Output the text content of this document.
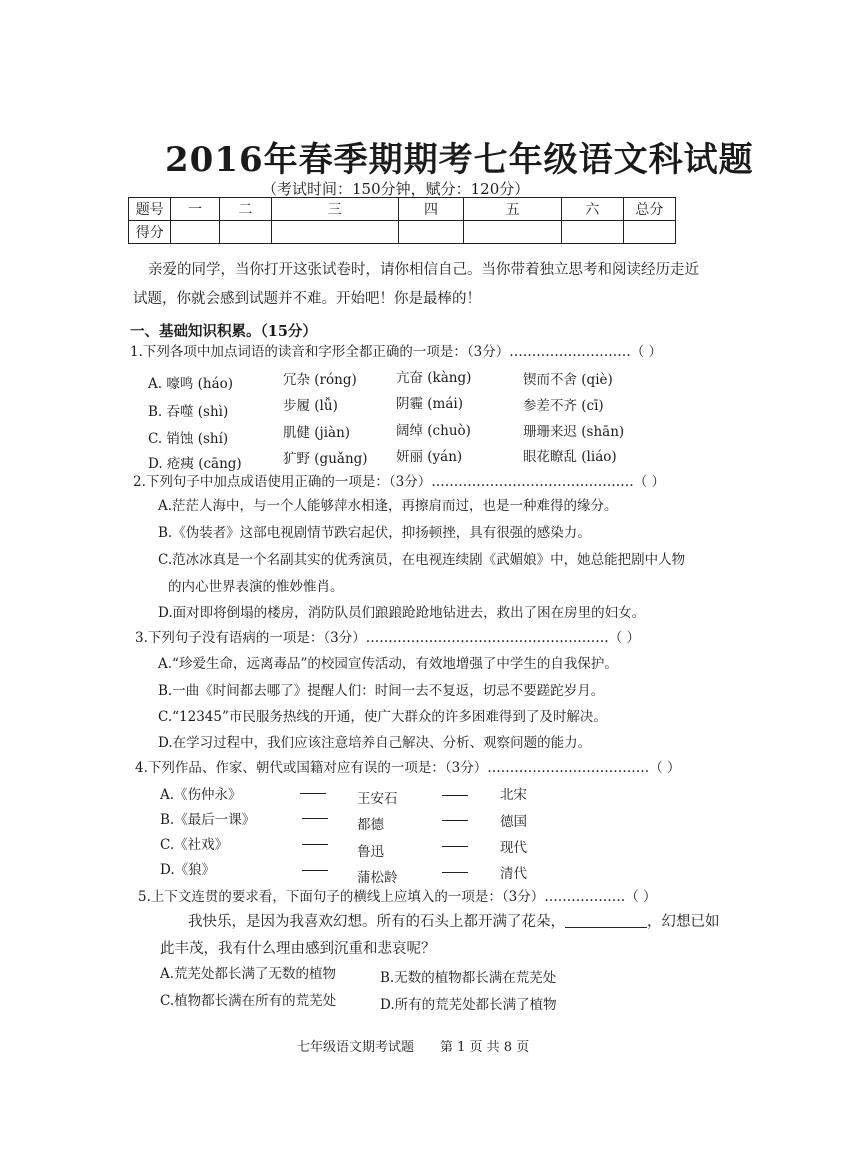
2016年春季期期考七年级语文科试题
（考试时间：150分钟，赋分：120分）
题号	一	二	三	四	五	六	总分
得分							
亲爱的同学，当你打开这张试卷时，请你相信自己。当你带着独立思考和阅读经历走近
试题，你就会感到试题并不难。开始吧！你是最棒的！
一、基础知识积累。（15分）
1.下列各项中加点词语的读音和字形全都正确的一项是：（3分）………………………（ ）
A. 嚎鸣 (háo)	冗杂 (róng)	亢奋 (kàng)	锲而不舍 (qiè)
B. 吞噬 (shì)	步履 (lǚ)	阴霾 (mái)	参差不齐 (cī)
C. 销蚀 (shí)	肌健 (jiàn)	阔绰 (chuò)	珊珊来迟 (shān)
D. 疮痍 (cāng)	犷野 (guǎng) 妍丽 (yán)	眼花瞭乱 (liáo)
2.下列句子中加点成语使用正确的一项是：（3分）………………………………………（ ）
A.茫茫人海中，与一个人能够萍水相逢，再擦肩而过，也是一种难得的缘分。
B.《伪装者》这部电视剧情节跌宕起伏，抑扬顿挫，具有很强的感染力。
C.范冰冰真是一个名副其实的优秀演员，在电视连续剧《武媚娘》中，她总能把剧中人物
的内心世界表演的惟妙惟肖。
D.面对即将倒塌的楼房，消防队员们踉踉跄跄地钻进去，救出了困在房里的妇女。
3.下列句子没有语病的一项是：（3分）………………………………………………（ ）
A.“珍爱生命，远离毒品”的校园宣传活动，有效地增强了中学生的自我保护。
B.一曲《时间都去哪了》提醒人们：时间一去不复返，切忌不要蹉跎岁月。
C.“12345”市民服务热线的开通，使广大群众的许多困难得到了及时解决。
D.在学习过程中，我们应该注意培养自己解决、分析、观察问题的能力。
4.下列作品、作家、朝代或国籍对应有误的一项是：（3分）………………………………（ ）
A.《伤仲永》	王安石	北宋
B.《最后一课》	都德	德国
C.《社戏》	鲁迅	现代
D.《狼》	蒲松龄	清代
5.上下文连贯的要求看，下面句子的横线上应填入的一项是：（3分）………………（ ）
我快乐，是因为我喜欢幻想。所有的石头上都开满了花朵，	，幻想已如
此丰茂，我有什么理由感到沉重和悲哀呢？
A.荒芜处都长满了无数的植物	B.无数的植物都长满在荒芜处
C.植物都长满在所有的荒芜处	D.所有的荒芜处都长满了植物
七年级语文期考试题　　第 1 页 共 8 页
